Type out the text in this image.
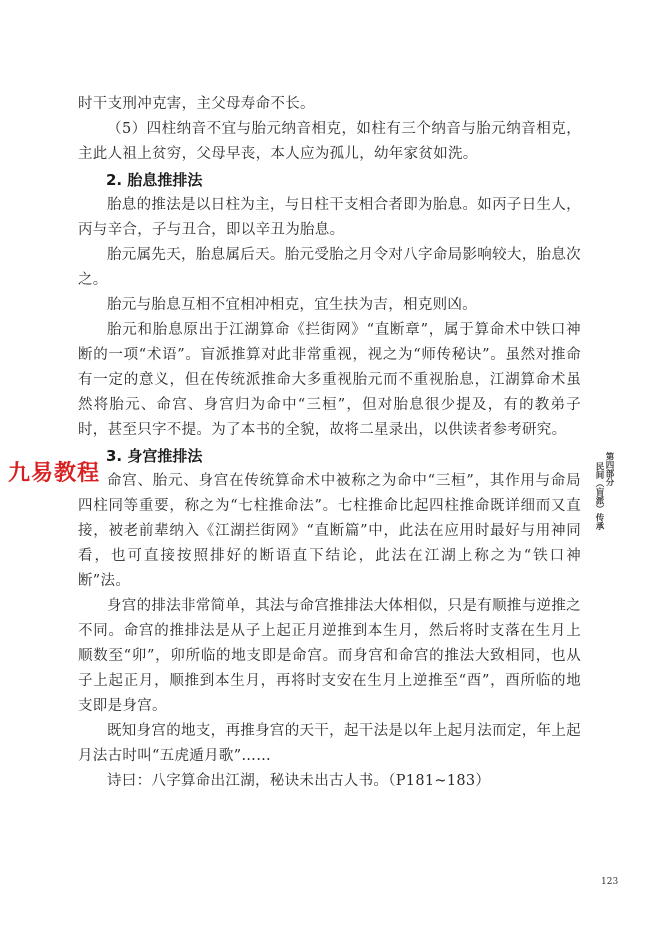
时干支刑冲克害，主父母寿命不长。

（5）四柱纳音不宜与胎元纳音相克，如柱有三个纳音与胎元纳音相克，主此人祖上贫穷，父母早丧，本人应为孤儿，幼年家贫如洗。

2. 胎息推排法

胎息的推法是以日柱为主，与日柱干支相合者即为胎息。如丙子日生人，丙与辛合，子与丑合，即以辛丑为胎息。

胎元属先天，胎息属后天。胎元受胎之月令对八字命局影响较大，胎息次之。

胎元与胎息互相不宜相冲相克，宜生扶为吉，相克则凶。

胎元和胎息原出于江湖算命《拦街网》“直断章”，属于算命术中铁口神断的一项“术语”。盲派推算对此非常重视，视之为“师传秘诀”。虽然对推命有一定的意义，但在传统派推命大多重视胎元而不重视胎息，江湖算命术虽然将胎元、命宫、身宫归为命中“三桓”，但对胎息很少提及，有的教弟子时，甚至只字不提。为了本书的全貌，故将二星录出，以供读者参考研究。

3. 身宫推排法

命宫、胎元、身宫在传统算命术中被称之为命中“三桓”，其作用与命局四柱同等重要，称之为“七柱推命法”。七柱推命比起四柱推命既详细而又直接，被老前辈纳入《江湖拦街网》“直断篇”中，此法在应用时最好与用神同看，也可直接按照排好的断语直下结论，此法在江湖上称之为“铁口神断”法。

身宫的排法非常简单，其法与命宫推排法大体相似，只是有顺推与逆推之不同。命宫的推排法是从子上起正月逆推到本生月，然后将时支落在生月上顺数至“卯”，卯所临的地支即是命宫。而身宫和命宫的推法大致相同，也从子上起正月，顺推到本生月，再将时支安在生月上逆推至“酉”，酉所临的地支即是身宫。

既知身宫的地支，再推身宫的天干，起干法是以年上起月法而定，年上起月法古时叫“五虎遁月歌”……

诗曰：八字算命出江湖，秘诀未出古人书。（P181~183）

九易教程	第四部分
民间（盲派）传承
123
